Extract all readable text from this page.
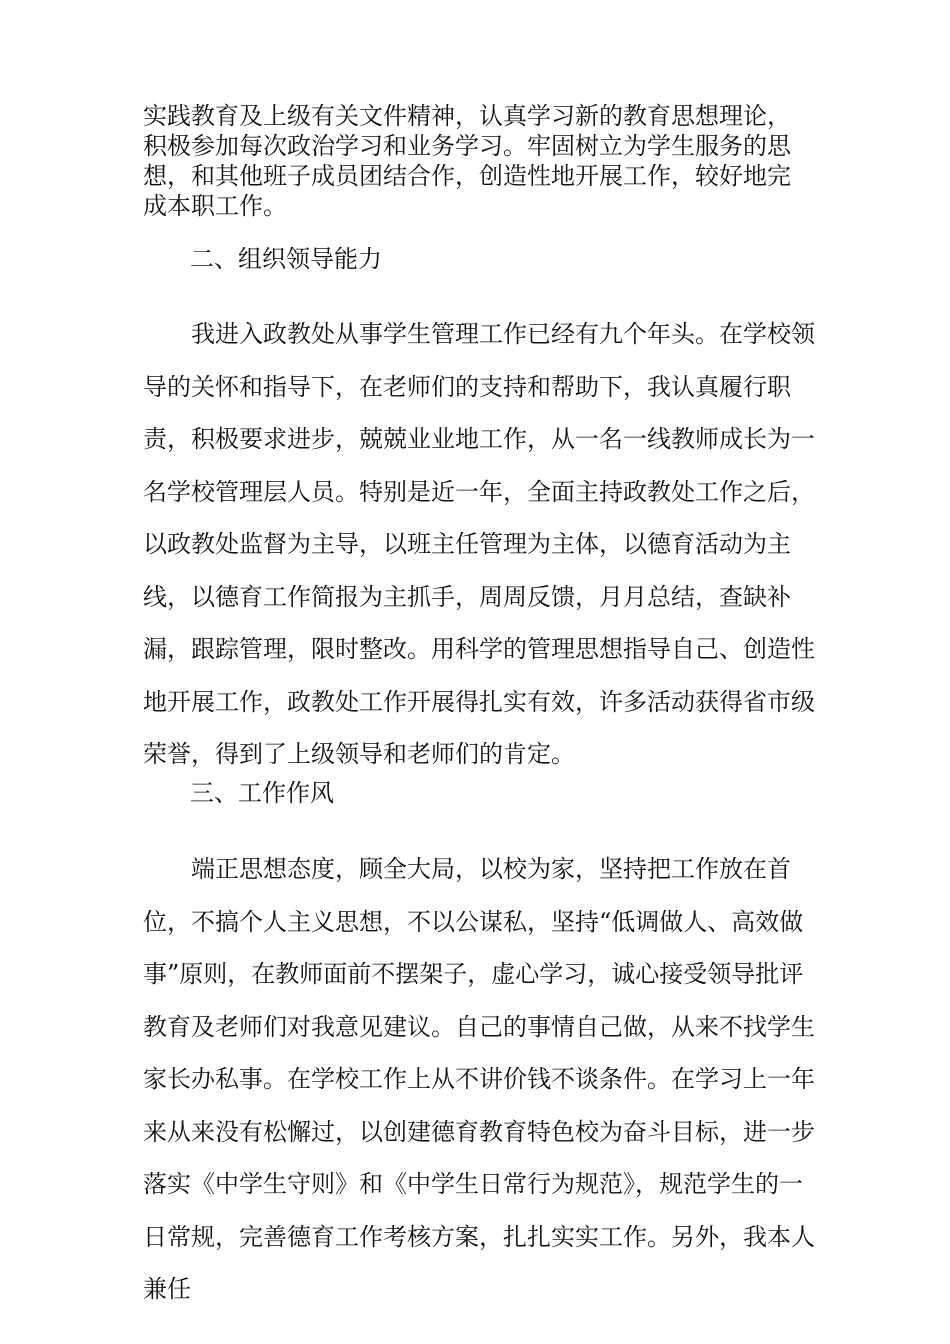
实践教育及上级有关文件精神，认真学习新的教育思想理论，积极参加每次政治学习和业务学习。牢固树立为学生服务的思想，和其他班子成员团结合作，创造性地开展工作，较好地完成本职工作。

二、组织领导能力

我进入政教处从事学生管理工作已经有九个年头。在学校领导的关怀和指导下，在老师们的支持和帮助下，我认真履行职责，积极要求进步，兢兢业业地工作，从一名一线教师成长为一名学校管理层人员。特别是近一年，全面主持政教处工作之后，以政教处监督为主导，以班主任管理为主体，以德育活动为主线，以德育工作简报为主抓手，周周反馈，月月总结，查缺补漏，跟踪管理，限时整改。用科学的管理思想指导自己、创造性地开展工作，政教处工作开展得扎实有效，许多活动获得省市级荣誉，得到了上级领导和老师们的肯定。

三、工作作风

端正思想态度，顾全大局，以校为家，坚持把工作放在首位，不搞个人主义思想，不以公谋私，坚持“低调做人、高效做事”原则，在教师面前不摆架子，虚心学习，诚心接受领导批评教育及老师们对我意见建议。自己的事情自己做，从来不找学生家长办私事。在学校工作上从不讲价钱不谈条件。在学习上一年来从来没有松懈过，以创建德育教育特色校为奋斗目标，进一步落实《中学生守则》和《中学生日常行为规范》，规范学生的一日常规，完善德育工作考核方案，扎扎实实工作。另外，我本人兼任
